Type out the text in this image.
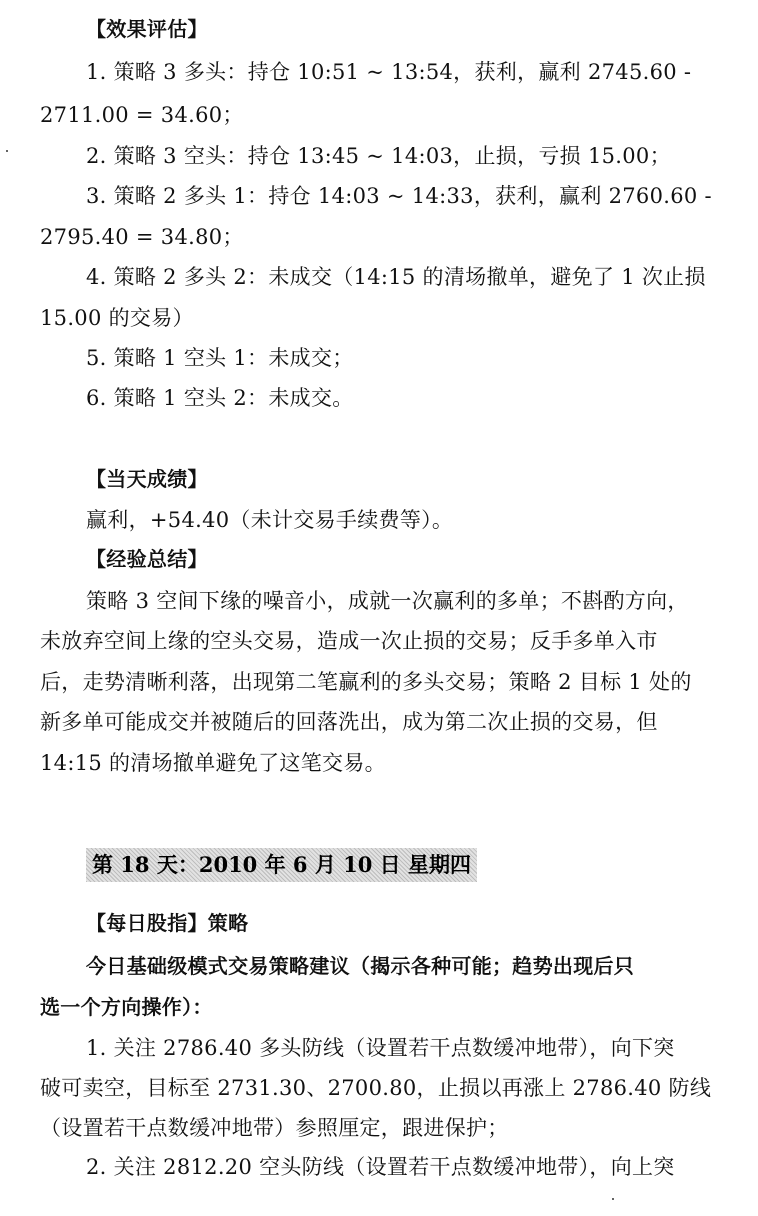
【效果评估】
1. 策略 3 多头：持仓 10:51 ~ 13:54，获利，赢利 2745.60 -
2711.00 = 34.60；
2. 策略 3 空头：持仓 13:45 ~ 14:03，止损，亏损 15.00；
3. 策略 2 多头 1：持仓 14:03 ~ 14:33，获利，赢利 2760.60 -
2795.40 = 34.80；
4. 策略 2 多头 2：未成交（14:15 的清场撤单，避免了 1 次止损
15.00 的交易）
5. 策略 1 空头 1：未成交；
6. 策略 1 空头 2：未成交。
【当天成绩】
赢利，+54.40（未计交易手续费等）。
【经验总结】
策略 3 空间下缘的噪音小，成就一次赢利的多单；不斟酌方向，
未放弃空间上缘的空头交易，造成一次止损的交易；反手多单入市
后，走势清晰利落，出现第二笔赢利的多头交易；策略 2 目标 1 处的
新多单可能成交并被随后的回落洗出，成为第二次止损的交易，但
14:15 的清场撤单避免了这笔交易。
第 18 天：2010 年 6 月 10 日 星期四
【每日股指】策略
今日基础级模式交易策略建议（揭示各种可能；趋势出现后只
选一个方向操作）：
1. 关注 2786.40 多头防线（设置若干点数缓冲地带），向下突
破可卖空，目标至 2731.30、2700.80，止损以再涨上 2786.40 防线
（设置若干点数缓冲地带）参照厘定，跟进保护；
2. 关注 2812.20 空头防线（设置若干点数缓冲地带），向上突
